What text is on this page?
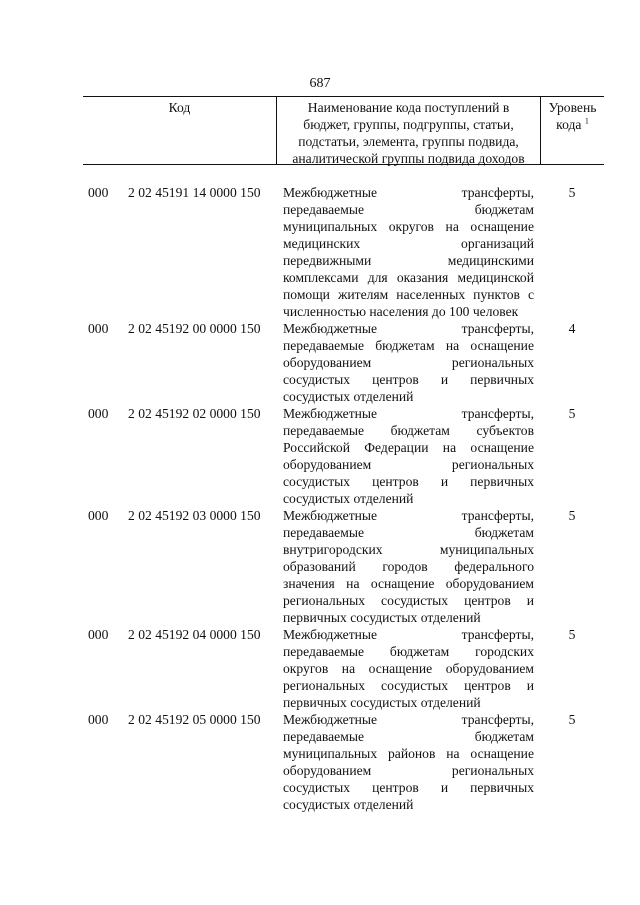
687
Код	Наименование кода поступлений в
бюджет, группы, подгруппы, статьи,
подстатьи, элемента, группы подвида,
аналитической группы подвида доходов
Уровень
кода $^1$
000	2 02 45191 14 0000 150	Межбюджетные трансферты,
передаваемые бюджетам
муниципальных округов на оснащение
медицинских организаций
передвижными медицинскими
комплексами для оказания медицинской
помощи жителям населенных пунктов с
численностью населения до 100 человек
5
000	2 02 45192 00 0000 150	Межбюджетные трансферты,
передаваемые бюджетам на оснащение
оборудованием региональных
сосудистых центров и первичных
сосудистых отделений
4
000	2 02 45192 02 0000 150	Межбюджетные трансферты,
передаваемые бюджетам субъектов
Российской Федерации на оснащение
оборудованием региональных
сосудистых центров и первичных
сосудистых отделений
5
000	2 02 45192 03 0000 150	Межбюджетные трансферты,
передаваемые бюджетам
внутригородских муниципальных
образований городов федерального
значения на оснащение оборудованием
региональных сосудистых центров и
первичных сосудистых отделений
5
000	2 02 45192 04 0000 150	Межбюджетные трансферты,
передаваемые бюджетам городских
округов на оснащение оборудованием
региональных сосудистых центров и
первичных сосудистых отделений
5
000	2 02 45192 05 0000 150	Межбюджетные трансферты,
передаваемые бюджетам
муниципальных районов на оснащение
оборудованием региональных
сосудистых центров и первичных
сосудистых отделений
5
